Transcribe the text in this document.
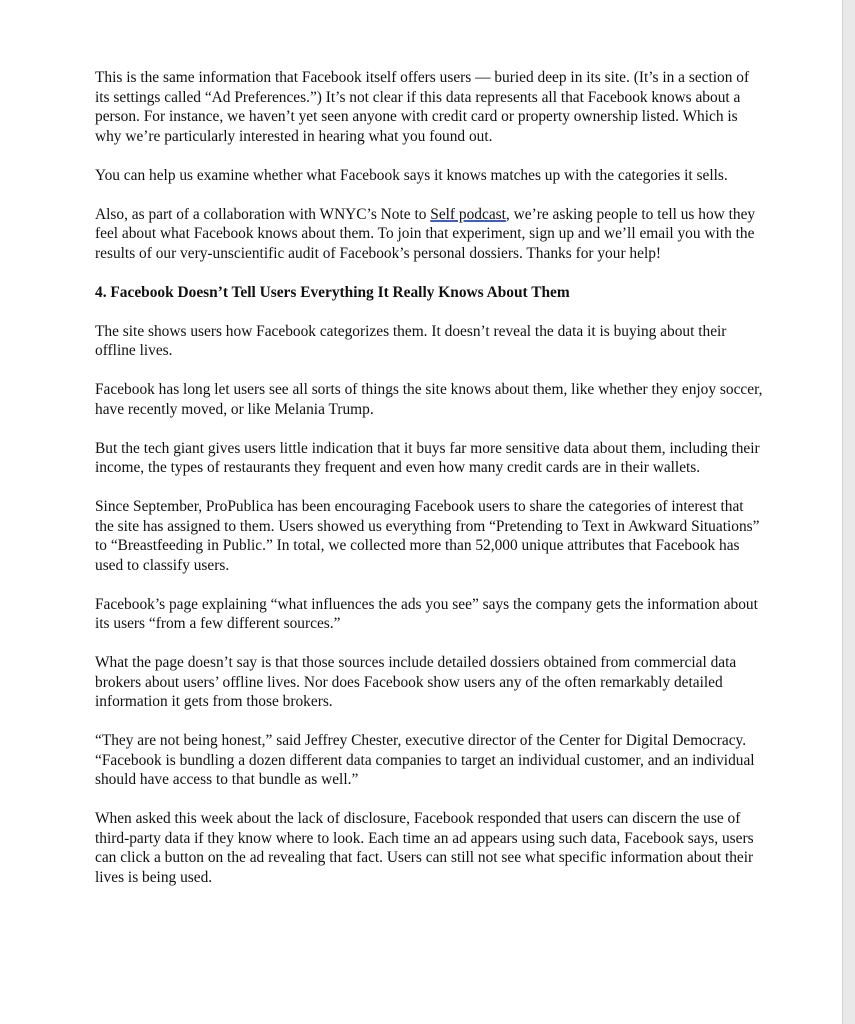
This is the same information that Facebook itself offers users — buried deep in its site. (It’s in a section of its settings called “Ad Preferences.”) It’s not clear if this data represents all that Facebook knows about a person. For instance, we haven’t yet seen anyone with credit card or property ownership listed. Which is why we’re particularly interested in hearing what you found out.

You can help us examine whether what Facebook says it knows matches up with the categories it sells.

Also, as part of a collaboration with WNYC’s Note to Self podcast, we’re asking people to tell us how they feel about what Facebook knows about them. To join that experiment, sign up and we’ll email you with the results of our very-unscientific audit of Facebook’s personal dossiers. Thanks for your help!

4. Facebook Doesn’t Tell Users Everything It Really Knows About Them

The site shows users how Facebook categorizes them. It doesn’t reveal the data it is buying about their offline lives.

Facebook has long let users see all sorts of things the site knows about them, like whether they enjoy soccer, have recently moved, or like Melania Trump.

But the tech giant gives users little indication that it buys far more sensitive data about them, including their income, the types of restaurants they frequent and even how many credit cards are in their wallets.

Since September, ProPublica has been encouraging Facebook users to share the categories of interest that the site has assigned to them. Users showed us everything from “Pretending to Text in Awkward Situations” to “Breastfeeding in Public.” In total, we collected more than 52,000 unique attributes that Facebook has used to classify users.

Facebook’s page explaining “what influences the ads you see” says the company gets the information about its users “from a few different sources.”

What the page doesn’t say is that those sources include detailed dossiers obtained from commercial data brokers about users’ offline lives. Nor does Facebook show users any of the often remarkably detailed information it gets from those brokers.

“They are not being honest,” said Jeffrey Chester, executive director of the Center for Digital Democracy. “Facebook is bundling a dozen different data companies to target an individual customer, and an individual should have access to that bundle as well.”

When asked this week about the lack of disclosure, Facebook responded that users can discern the use of third-party data if they know where to look. Each time an ad appears using such data, Facebook says, users can click a button on the ad revealing that fact. Users can still not see what specific information about their lives is being used.
